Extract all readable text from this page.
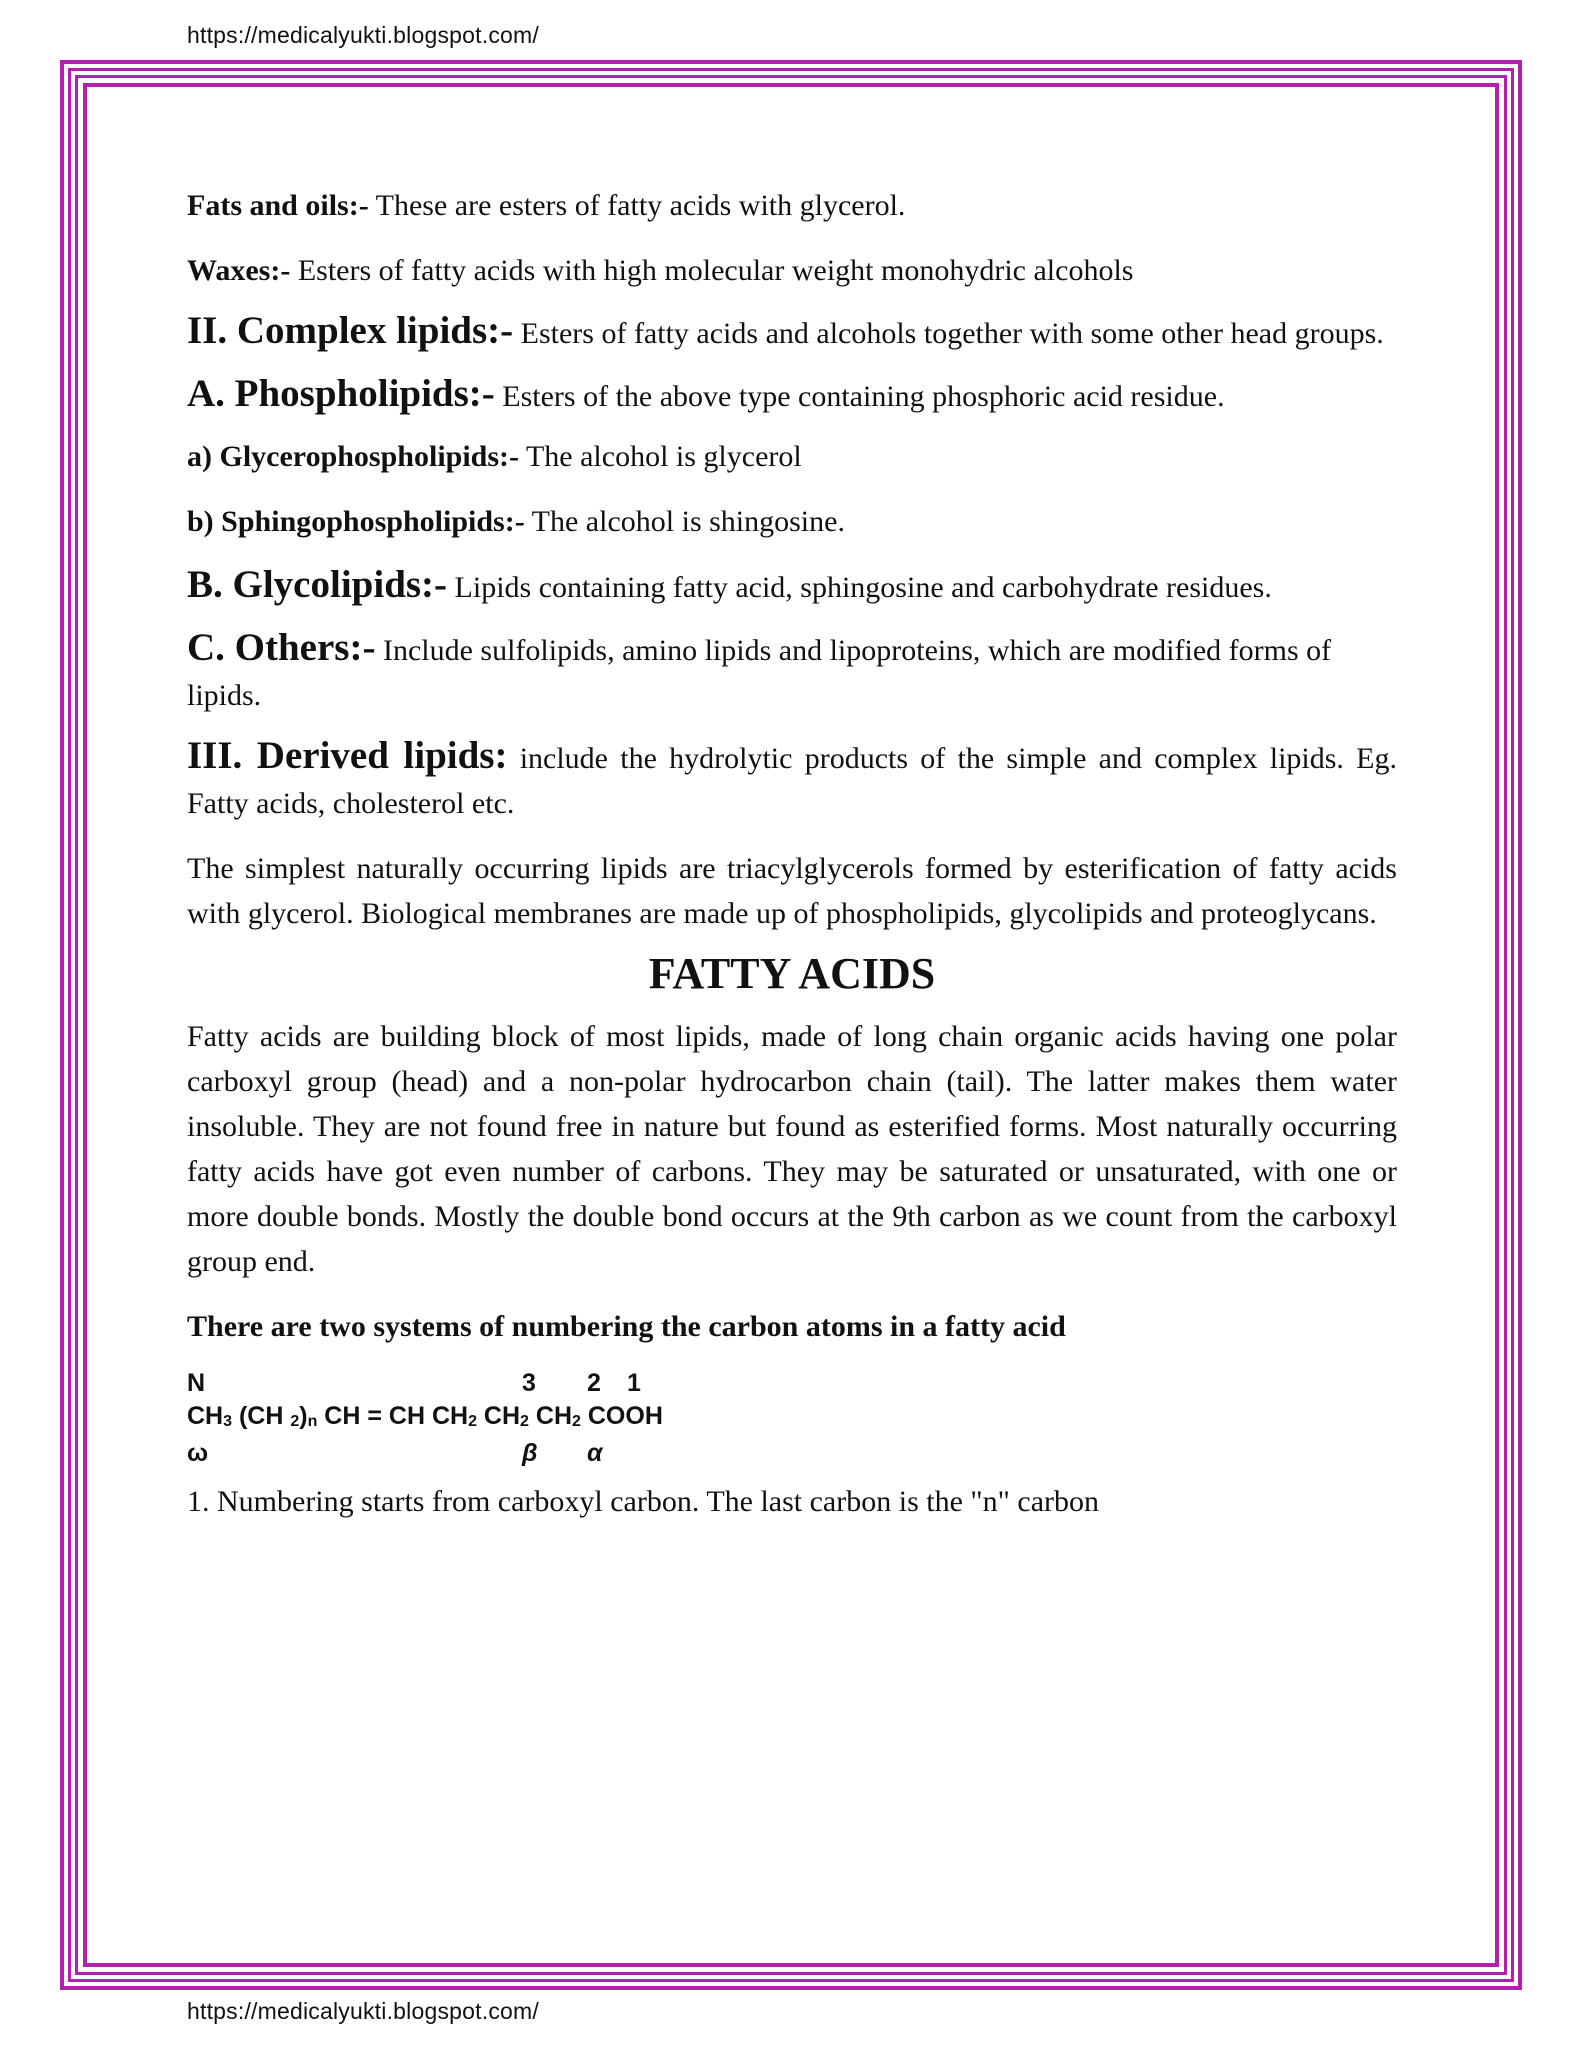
https://medicalyukti.blogspot.com/

Fats and oils:- These are esters of fatty acids with glycerol.

Waxes:- Esters of fatty acids with high molecular weight monohydric alcohols

II. Complex lipids:- Esters of fatty acids and alcohols together with some other head groups.

A. Phospholipids:- Esters of the above type containing phosphoric acid residue.

a) Glycerophospholipids:- The alcohol is glycerol

b) Sphingophospholipids:- The alcohol is shingosine.

B. Glycolipids:- Lipids containing fatty acid, sphingosine and carbohydrate residues.

C. Others:- Include sulfolipids, amino lipids and lipoproteins, which are modified forms of lipids.

III. Derived lipids: include the hydrolytic products of the simple and complex lipids. Eg. Fatty acids, cholesterol etc.

The simplest naturally occurring lipids are triacylglycerols formed by esterification of fatty acids with glycerol. Biological membranes are made up of phospholipids, glycolipids and proteoglycans.

FATTY ACIDS

Fatty acids are building block of most lipids, made of long chain organic acids having one polar carboxyl group (head) and a non-polar hydrocarbon chain (tail). The latter makes them water insoluble. They are not found free in nature but found as esterified forms. Most naturally occurring fatty acids have got even number of carbons. They may be saturated or unsaturated, with one or more double bonds. Mostly the double bond occurs at the 9th carbon as we count from the carboxyl group end.

There are two systems of numbering the carbon atoms in a fatty acid

N	3 2 1
$CH_3$ (CH $_2)_n$ CH = CH $CH_2$ $CH_2$ $CH_2$ COOH
ω	β α

1. Numbering starts from carboxyl carbon. The last carbon is the "n" carbon

https://medicalyukti.blogspot.com/
